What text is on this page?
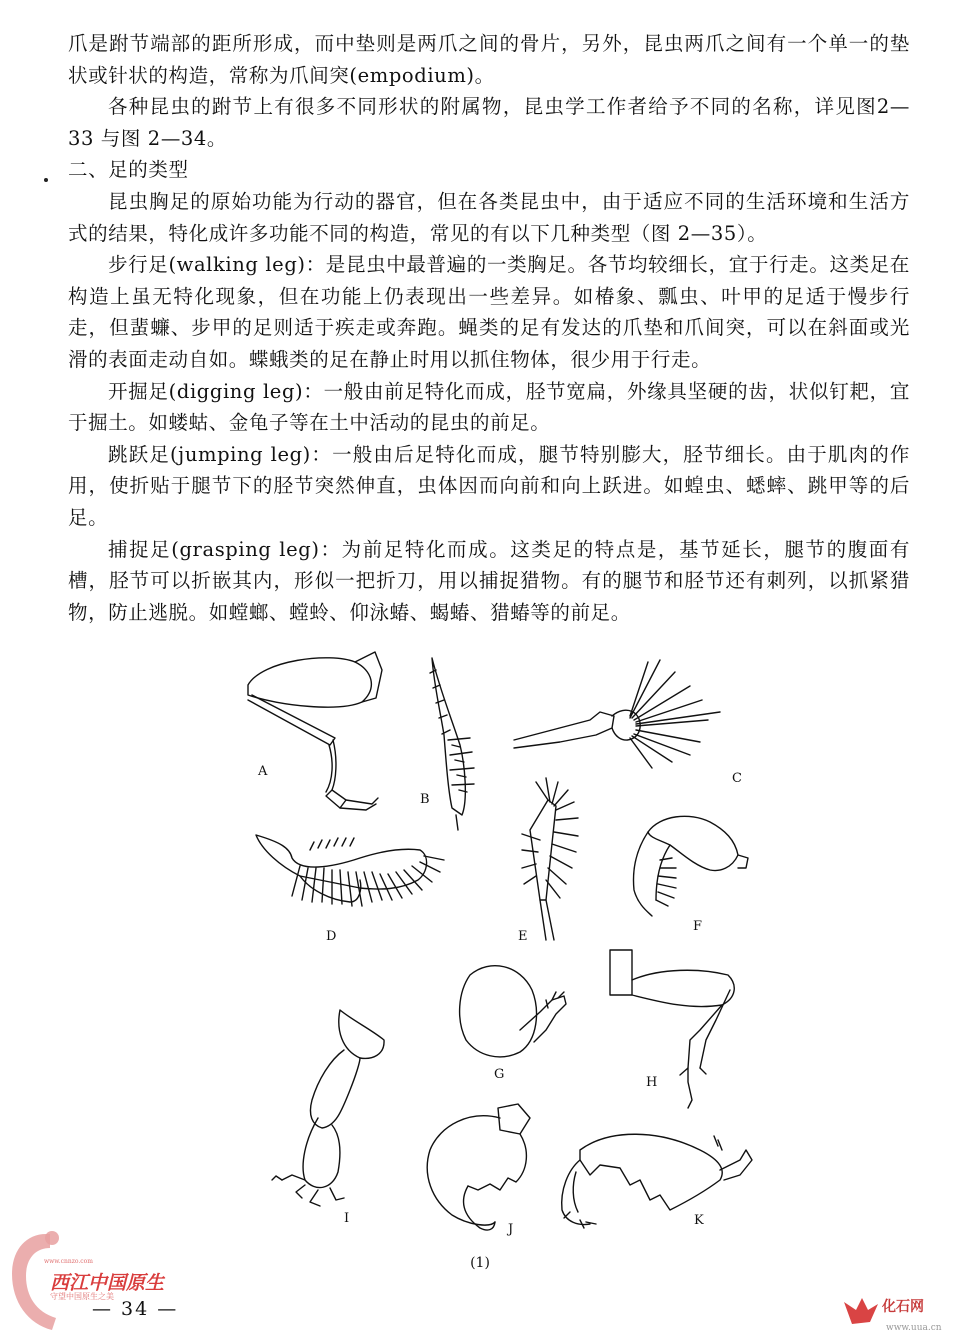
爪是跗节端部的距所形成，而中垫则是两爪之间的骨片，另外，昆虫两爪之间有一个单一的垫状或针状的构造，常称为爪间突(empodium)。

各种昆虫的跗节上有很多不同形状的附属物，昆虫学工作者给予不同的名称，详见图2—33 与图 2—34。

二、足的类型

昆虫胸足的原始功能为行动的器官，但在各类昆虫中，由于适应不同的生活环境和生活方式的结果，特化成许多功能不同的构造，常见的有以下几种类型（图 2—35）。

步行足(walking leg)：是昆虫中最普遍的一类胸足。各节均较细长，宜于行走。这类足在构造上虽无特化现象，但在功能上仍表现出一些差异。如椿象、瓢虫、叶甲的足适于慢步行走，但蜚蠊、步甲的足则适于疾走或奔跑。蝇类的足有发达的爪垫和爪间突，可以在斜面或光滑的表面走动自如。蝶蛾类的足在静止时用以抓住物体，很少用于行走。

开掘足(digging leg)：一般由前足特化而成，胫节宽扁，外缘具坚硬的齿，状似钉耙，宜于掘土。如蝼蛄、金龟子等在土中活动的昆虫的前足。

跳跃足(jumping leg)：一般由后足特化而成，腿节特别膨大，胫节细长。由于肌肉的作用，使折贴于腿节下的胫节突然伸直，虫体因而向前和向上跃进。如蝗虫、蟋蟀、跳甲等的后足。

捕捉足(grasping leg)：为前足特化而成。这类足的特点是，基节延长，腿节的腹面有槽，胫节可以折嵌其内，形似一把折刀，用以捕捉猎物。有的腿节和胫节还有刺列，以抓紧猎物，防止逃脱。如螳螂、螳蛉、仰泳蝽、蝎蝽、猎蝽等的前足。

A
B
C
D	E
F
G
H
I
J
K
(1)
— 34 —
www.cnnzo.com
西江中国原生
守望中国原生之美
化石网
www.uua.cn
